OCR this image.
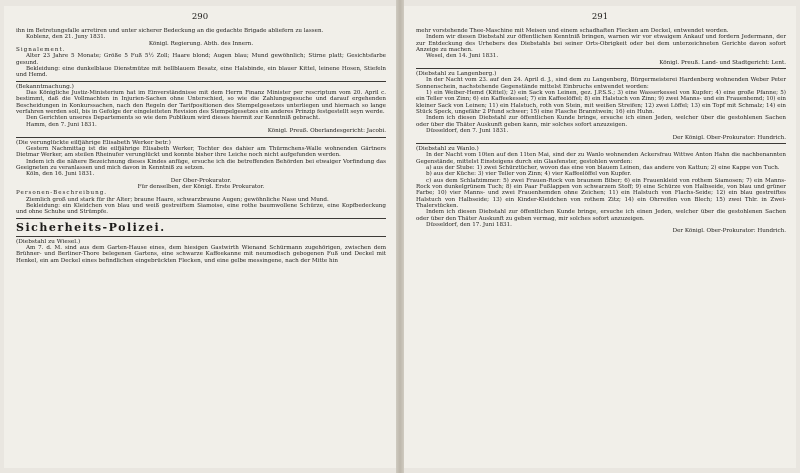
290

ihn im Betretungsfalle arretiren und unter sicherer Bedeckung an die gedachte Brigade abliefern zu lassen.

Koblenz, den 21. Juny 1831.

Königl. Regierung. Abth. des Innern.

Signalement.

Alter 23 Jahre 5 Monate; Größe 5 Fuß 5½ Zoll; Haare blond; Augen blau; Mund gewöhnlich; Stirne platt; Gesichtsfarbe gesund.

Bekleidung: eine dunkelblaue Dienstmütze mit hellblauem Besatz, eine Halsbinde, ein blauer Kittel, leinene Hosen, Stiefeln und Hemd.

(Bekanntmachung.)

Das Königliche Justiz-Ministerium hat im Einverständnisse mit dem Herrn Finanz Minister per rescriptum vom 20. April c. bestimmt, daß die Vollmachten in Injurien-Sachen ohne Unterschied, so wie die Zahlungsgesuche und darauf ergehenden Bescheidungen in Konkurssachen, nach den Regeln der Tarifpositionen des Stempelgesetzes unterliegen und hiernach so lange verfahren werden soll, bis in Gefolge der eingeleiteten Revision des Stempelgesetzes ein anderes Prinzip festgestellt seyn werde.

Den Gerichten unseres Departements so wie dem Publikum wird dieses hiermit zur Kenntniß gebracht.

Hamm, den 7. Juni 1831.

Königl. Preuß. Oberlandesgericht: Jacobi.

(Die verunglückte eilfjährige Elisabeth Werker betr.)

Gestern Nachmittag ist die eilfjährige Elisabeth Werker, Tochter des dahier am Thürmchens-Walle wohnenden Gärtners Dietmar Werker, am steilen Rheinufer verunglückt und konnte bisher ihre Leiche noch nicht aufgefunden werden.

Indem ich die nähere Bezeichnung dieses Kindes anfüge, ersuche ich die betreffenden Behörden bei etwaiger Vorfindung das Geeigneten zu veranlassen und mich davon in Kenntniß zu setzen.

Köln, den 16. Juni 1831.

Der Ober-Prokurator.

Für denselben, der Königl. Erste Prokurator.

Personen-Beschreibung.

Ziemlich groß und stark für ihr Alter; braune Haare, schwarzbraune Augen; gewöhnliche Nase und Mund.

Bekleidung: ein Kleidchen von blau und weiß gestreiftem Siamoise, eine rothe baumwollene Schürze, eine Kopfbedeckung und ohne Schuhe und Strümpfe.

Sicherheits-Polizei.

(Diebstahl zu Wiesel.)

Am 7. d. M. sind aus dem Garten-Hause eines, dem hiesigen Gastwirth Wienand Schürmann zugehörigen, zwischen dem Brühner- und Berliner-Thore belegenen Gartens, eine schwarze Kaffeekanne mit neumodisch gebogenen Fuß und Deckel mit Henkel, ein am Deckel eines befindlichen eingebrückten Flecken, und eine gelbe messingene, nach der Mitte hin

291

mehr vorstehende Thee-Maschine mit Meisen und einem schadhaften Flecken am Deckel, entwendet worden.

Indem wir diesen Diebstahl zur öffentlichen Kenntniß bringen, warnen wir vor etwaigem Ankauf und fordern Jedermann, der zur Entdeckung des Urhebers des Diebstahls bei seiner Orts-Obrigkeit oder bei dem unterzeichneten Gerichte davon sofort Anzeige zu machen.

Wesel, den 14. Juni 1831.

Königl. Preuß. Land- und Stadtgericht: Lent.

(Diebstahl zu Langenberg.)

In der Nacht vom 23. auf den 24. April d. J., sind dem zu Langenberg, Bürgermeisterei Hardenberg wohnenden Weber Peter Sonnenschein, nachstehende Gegenstände mittelst Einbruchs entwendet worden:

1) ein Weiber-Hemd (Kittel); 2) ein Sack von Leinen, gez. J.P.S.S.; 3) eine Wasserkessel von Kupfer; 4) eine große Pfanne; 5) ein Teller von Zinn; 6) ein Kaffeekessel; 7) ein Kaffeelöffel; 8) ein Halstuch von Zinn; 9) zwei Manns- und ein Frauenhemd; 10) ein kleiner Sack von Leinen; 11) ein Halstuch, roth von Stein, mit weißen Streifen; 12) zwei Löffel; 13) ein Topf mit Schmalz; 14) ein Stück Speck, ungefähr 2 Pfund schwer; 15) eine Flasche Branntwein; 16) ein Huhn.

Indem ich diesen Diebstahl zur öffentlichen Kunde bringe, ersuche ich einen Jeden, welcher über die gestohlenen Sachen oder über die Thäter Auskunft geben kann, mir solches sofort anzuzeigen.

Düsseldorf, den 7. Juni 1831.

Der Königl. Ober-Prokurator: Hundrich.

(Diebstahl zu Wanlo.)

In der Nacht vom 10ten auf den 11ten Mai, sind der zu Wanlo wohnenden Ackersfrau Wittwe Anton Hahn die nachbenannten Gegenstände, mittelst Einsteigens durch ein Glasfenster, gestohlen worden:

a) aus der Stube: 1) zwei Schürztücher, wovon das eine von blauem Leinen, das andere von Kattun; 2) eine Kappe von Tuch.

b) aus der Küche: 3) vier Teller von Zinn; 4) vier Kaffeelöffel von Kupfer.

c) aus dem Schlafzimmer: 5) zwei Frauen-Rock von braunem Biber; 6) ein Frauenkleid von rothem Siamosen; 7) ein Manns-Rock von dunkelgrünem Tuch; 8) ein Paar Fußlappen von schwarzem Stoff; 9) eine Schürze von Halbseide, von blau und grüner Farbe; 10) vier Manns- und zwei Frauenhemden ohne Zeichen; 11) ein Halstuch von Flachs-Seide; 12) ein blau gestreiftes Halstuch von Halbseide; 13) ein Kinder-Kleidchen von rothem Zitz; 14) ein Ohrreifen von Blech; 15) zwei Thlr. in Zwei-Thalerstücken.

Indem ich diesen Diebstahl zur öffentlichen Kunde bringe, ersuche ich einen Jeden, welcher über die gestohlenen Sachen oder über den Thäter Auskunft zu geben vermag, mir solches sofort anzuzeigen.

Düsseldorf, den 17. Juni 1831.

Der Königl. Ober-Prokurator: Hundrich.
